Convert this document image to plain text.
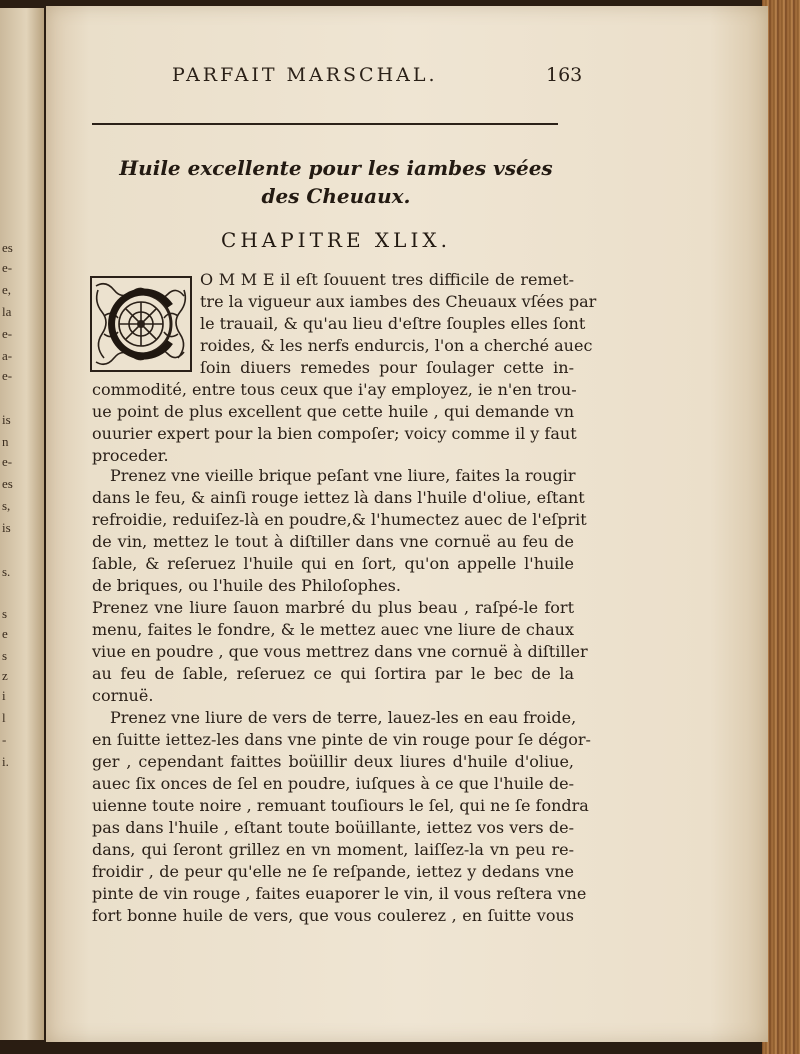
es
e-
e,
la
e-
a-
e-
is
n
e-
es
s,
is
s.
s
e
s
z
i
l
-
i.
PARFAIT MARSCHAL.	163
Huile excellente pour les iambes vsées
des Cheuaux.
CHAPITRE XLIX.
O M M E il eſt ſouuent tres difficile de remet-
tre la vigueur aux iambes des Cheuaux vſées par
le trauail, & qu'au lieu d'eſtre ſouples elles ſont
roides, & les nerfs endurcis, l'on a cherché auec
ſoin diuers remedes pour ſoulager cette in-
commodité, entre tous ceux que i'ay employez, ie n'en trou-
ue point de plus excellent que cette huile , qui demande vn
ouurier expert pour la bien compoſer; voicy comme il y faut
proceder.
Prenez vne vieille brique peſant vne liure, faites la rougir
dans le feu, & ainſi rouge iettez là dans l'huile d'oliue, eſtant
refroidie, reduiſez-là en poudre,& l'humectez auec de l'eſprit
de vin, mettez le tout à diſtiller dans vne cornuë au feu de
ſable, & reſeruez l'huile qui en ſort, qu'on appelle l'huile
de briques, ou l'huile des Philoſophes.
Prenez vne liure ſauon marbré du plus beau , raſpé-le fort
menu, faites le fondre, & le mettez auec vne liure de chaux
viue en poudre , que vous mettrez dans vne cornuë à diſtiller
au feu de ſable, reſeruez ce qui ſortira par le bec de la
cornuë.
Prenez vne liure de vers de terre, lauez-les en eau froide,
en ſuitte iettez-les dans vne pinte de vin rouge pour ſe dégor-
ger , cependant faittes boüillir deux liures d'huile d'oliue,
auec ſix onces de ſel en poudre, iuſques à ce que l'huile de-
uienne toute noire , remuant touſiours le ſel, qui ne ſe fondra
pas dans l'huile , eſtant toute boüillante, iettez vos vers de-
dans, qui ſeront grillez en vn moment, laiſſez-la vn peu re-
froidir , de peur qu'elle ne ſe reſpande, iettez y dedans vne
pinte de vin rouge , faites euaporer le vin, il vous reſtera vne
fort bonne huile de vers, que vous coulerez , en ſuitte vous
